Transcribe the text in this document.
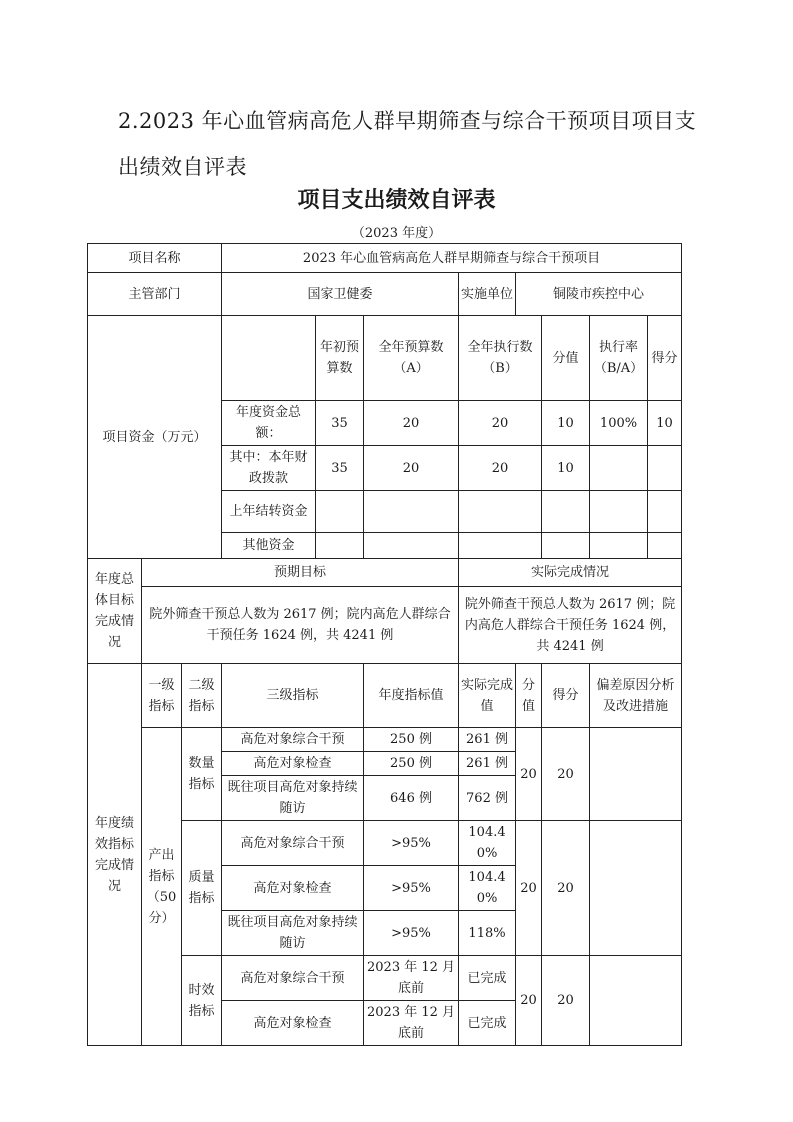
2.2023 年心血管病高危人群早期筛查与综合干预项目项目支出绩效自评表
项目支出绩效自评表
（2023 年度）
项目名称			2023 年心血管病高危人群早期筛查与综合干预项目							
主管部门			国家卫健委			实施单位	铜陵市疾控中心			
项目资金（万元）				年初预算数	全年预算数（A）	全年执行数（B）		分值	执行率（B/A）	得分
			年度资金总额：	35	20	20		10	100%	10
			其中：本年财政拨款	35	20	20		10		
			上年结转资金							
			其他资金							
年度总体目标完成情况	预期目标					实际完成情况				
	院外筛查干预总人数为 2617 例；院内高危人群综合干预任务 1624 例，共 4241 例					院外筛查干预总人数为 2617 例；院内高危人群综合干预任务 1624 例，共 4241 例				
年度绩效指标完成情况	一级指标	二级指标	三级指标		年度指标值	实际完成值	分值	得分	偏差原因分析及改进措施	
	产出指标（50 分）	数量指标	高危对象综合干预		250 例	261 例	20	20		
			高危对象检查		250 例	261 例				
			既往项目高危对象持续随访		646 例	762 例				
		质量指标	高危对象综合干预		>95%	104.40%	20	20		
			高危对象检查		>95%	104.40%				
			既往项目高危对象持续随访		>95%	118%				
		时效指标	高危对象综合干预		2023 年 12 月底前	已完成	20	20		
			高危对象检查		2023 年 12 月底前	已完成				
